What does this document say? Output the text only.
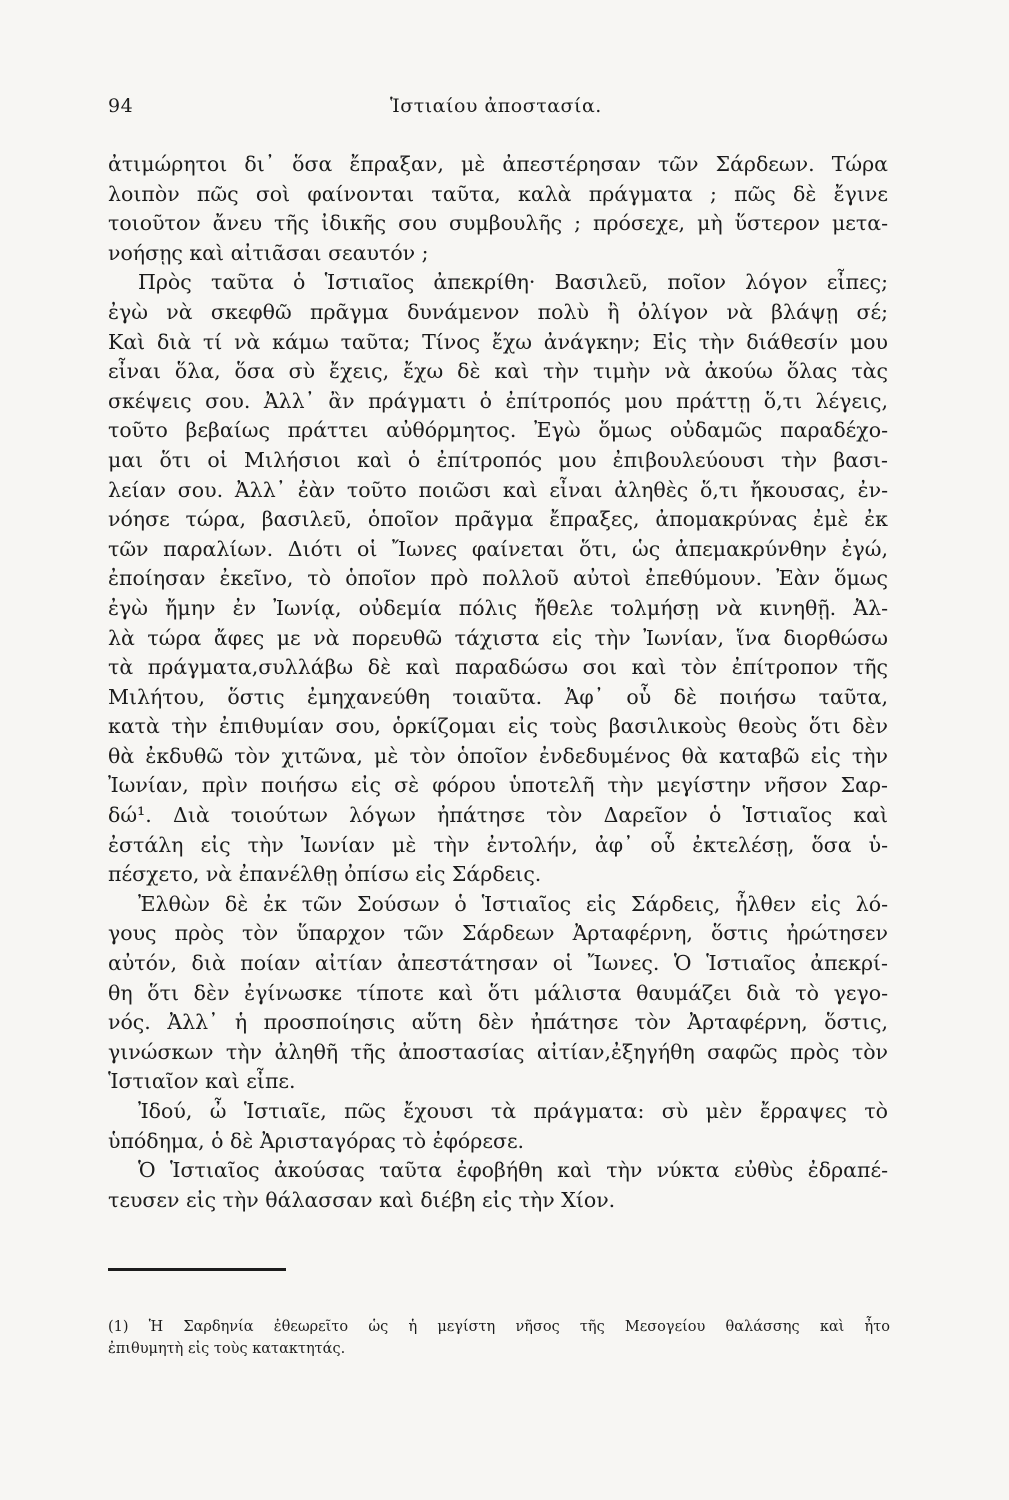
94	Ἱστιαίου ἀποστασία.
ἀτιμώρητοι δι᾽ ὅσα ἔπραξαν, μὲ ἀπεστέρησαν τῶν Σάρδεων. Τώρα
λοιπὸν πῶς σοὶ φαίνονται ταῦτα, καλὰ πράγματα ; πῶς δὲ ἔγινε
τοιοῦτον ἄνευ τῆς ἰδικῆς σου συμβουλῆς ; πρόσεχε, μὴ ὕστερον μετα-
νοήσῃς καὶ αἰτιᾶσαι σεαυτόν ;
Πρὸς ταῦτα ὁ Ἱστιαῖος ἀπεκρίθη· Βασιλεῦ, ποῖον λόγον εἶπες;
ἐγὼ νὰ σκεφθῶ πρᾶγμα δυνάμενον πολὺ ἢ ὀλίγον νὰ βλάψῃ σέ;
Καὶ διὰ τί νὰ κάμω ταῦτα; Τίνος ἔχω ἀνάγκην; Εἰς τὴν διάθεσίν μου
εἶναι ὅλα, ὅσα σὺ ἔχεις, ἔχω δὲ καὶ τὴν τιμὴν νὰ ἀκούω ὅλας τὰς
σκέψεις σου. Ἀλλ᾽ ἂν πράγματι ὁ ἐπίτροπός μου πράττῃ ὅ,τι λέγεις,
τοῦτο βεβαίως πράττει αὐθόρμητος. Ἐγὼ ὅμως οὐδαμῶς παραδέχο-
μαι ὅτι οἱ Μιλήσιοι καὶ ὁ ἐπίτροπός μου ἐπιβουλεύουσι τὴν βασι-
λείαν σου. Ἀλλ᾽ ἐὰν τοῦτο ποιῶσι καὶ εἶναι ἀληθὲς ὅ,τι ἤκουσας, ἐν-
νόησε τώρα, βασιλεῦ, ὁποῖον πρᾶγμα ἔπραξες, ἀπομακρύνας ἐμὲ ἐκ
τῶν παραλίων. Διότι οἱ Ἴωνες φαίνεται ὅτι, ὡς ἀπεμακρύνθην ἐγώ,
ἐποίησαν ἐκεῖνο, τὸ ὁποῖον πρὸ πολλοῦ αὐτοὶ ἐπεθύμουν. Ἐὰν ὅμως
ἐγὼ ἤμην ἐν Ἰωνίᾳ, οὐδεμία πόλις ἤθελε τολμήσῃ νὰ κινηθῇ. Ἀλ-
λὰ τώρα ἄφες με νὰ πορευθῶ τάχιστα εἰς τὴν Ἰωνίαν, ἵνα διορθώσω
τὰ πράγματα,συλλάβω δὲ καὶ παραδώσω σοι καὶ τὸν ἐπίτροπον τῆς
Μιλήτου, ὅστις ἐμηχανεύθη τοιαῦτα. Ἀφ᾽ οὗ δὲ ποιήσω ταῦτα,
κατὰ τὴν ἐπιθυμίαν σου, ὁρκίζομαι εἰς τοὺς βασιλικοὺς θεοὺς ὅτι δὲν
θὰ ἐκδυθῶ τὸν χιτῶνα, μὲ τὸν ὁποῖον ἐνδεδυμένος θὰ καταβῶ εἰς τὴν
Ἰωνίαν, πρὶν ποιήσω εἰς σὲ φόρου ὑποτελῆ τὴν μεγίστην νῆσον Σαρ-
δώ¹. Διὰ τοιούτων λόγων ἠπάτησε τὸν Δαρεῖον ὁ Ἱστιαῖος καὶ
ἐστάλη εἰς τὴν Ἰωνίαν μὲ τὴν ἐντολήν, ἀφ᾽ οὗ ἐκτελέσῃ, ὅσα ὑ-
πέσχετο, νὰ ἐπανέλθῃ ὀπίσω εἰς Σάρδεις.
Ἐλθὼν δὲ ἐκ τῶν Σούσων ὁ Ἱστιαῖος εἰς Σάρδεις, ἦλθεν εἰς λό-
γους πρὸς τὸν ὕπαρχον τῶν Σάρδεων Ἀρταφέρνη, ὅστις ἠρώτησεν
αὐτόν, διὰ ποίαν αἰτίαν ἀπεστάτησαν οἱ Ἴωνες. Ὁ Ἱστιαῖος ἀπεκρί-
θη ὅτι δὲν ἐγίνωσκε τίποτε καὶ ὅτι μάλιστα θαυμάζει διὰ τὸ γεγο-
νός. Ἀλλ᾽ ἡ προσποίησις αὕτη δὲν ἠπάτησε τὸν Ἀρταφέρνη, ὅστις,
γινώσκων τὴν ἀληθῆ τῆς ἀποστασίας αἰτίαν,ἐξηγήθη σαφῶς πρὸς τὸν
Ἱστιαῖον καὶ εἶπε.
Ἰδού, ὦ Ἱστιαῖε, πῶς ἔχουσι τὰ πράγματα: σὺ μὲν ἔρραψες τὸ
ὑπόδημα, ὁ δὲ Ἀρισταγόρας τὸ ἐφόρεσε.
Ὁ Ἱστιαῖος ἀκούσας ταῦτα ἐφοβήθη καὶ τὴν νύκτα εὐθὺς ἐδραπέ-
τευσεν εἰς τὴν θάλασσαν καὶ διέβη εἰς τὴν Χίον.
(1) Ἡ Σαρδηνία ἐθεωρεῖτο ὡς ἡ μεγίστη νῆσος τῆς Μεσογείου θαλάσσης καὶ ἦτο
ἐπιθυμητὴ εἰς τοὺς κατακτητάς.
